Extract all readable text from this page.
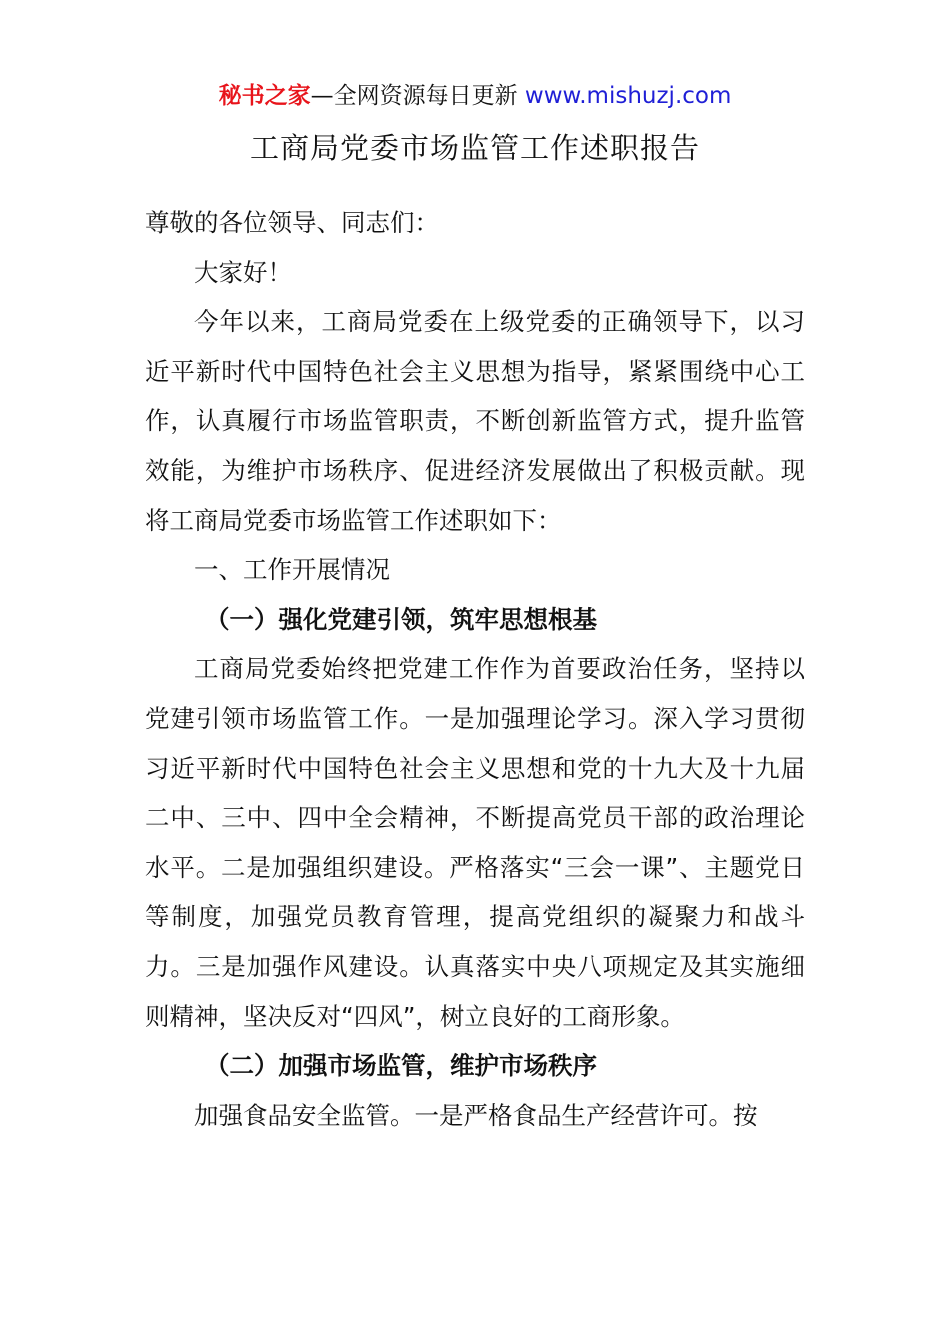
秘书之家—全网资源每日更新 www.mishuzj.com
工商局党委市场监管工作述职报告

尊敬的各位领导、同志们：

大家好！

今年以来，工商局党委在上级党委的正确领导下，以习近平新时代中国特色社会主义思想为指导，紧紧围绕中心工作，认真履行市场监管职责，不断创新监管方式，提升监管效能，为维护市场秩序、促进经济发展做出了积极贡献。现将工商局党委市场监管工作述职如下：

一、工作开展情况

（一）强化党建引领，筑牢思想根基

工商局党委始终把党建工作作为首要政治任务，坚持以党建引领市场监管工作。一是加强理论学习。深入学习贯彻习近平新时代中国特色社会主义思想和党的十九大及十九届二中、三中、四中全会精神，不断提高党员干部的政治理论水平。二是加强组织建设。严格落实“三会一课”、主题党日等制度，加强党员教育管理，提高党组织的凝聚力和战斗力。三是加强作风建设。认真落实中央八项规定及其实施细则精神，坚决反对“四风”，树立良好的工商形象。

（二）加强市场监管，维护市场秩序

加强食品安全监管。一是严格食品生产经营许可。按
